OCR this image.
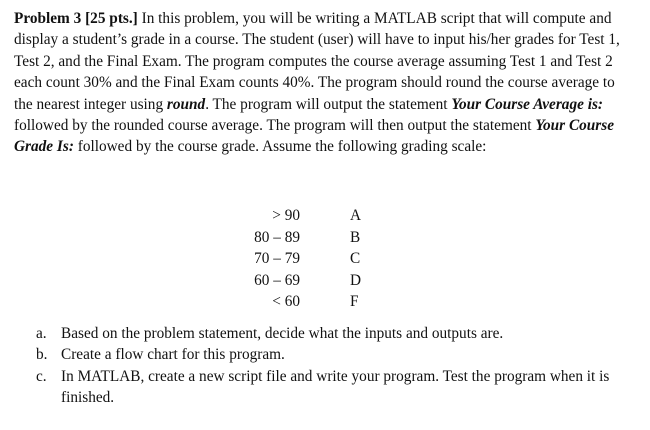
Problem 3 [25 pts.] In this problem, you will be writing a MATLAB script that will compute and display a student’s grade in a course. The student (user) will have to input his/her grades for Test 1, Test 2, and the Final Exam. The program computes the course average assuming Test 1 and Test 2 each count 30% and the Final Exam counts 40%. The program should round the course average to the nearest integer using round. The program will output the statement Your Course Average is: followed by the rounded course average. The program will then output the statement Your Course Grade Is: followed by the course grade. Assume the following grading scale:

> 90	A
80 – 89	B
70 – 79	C
60 – 69	D
< 60	F
a. Based on the problem statement, decide what the inputs and outputs are.
b. Create a flow chart for this program.
c. In MATLAB, create a new script file and write your program. Test the program when it is finished.
